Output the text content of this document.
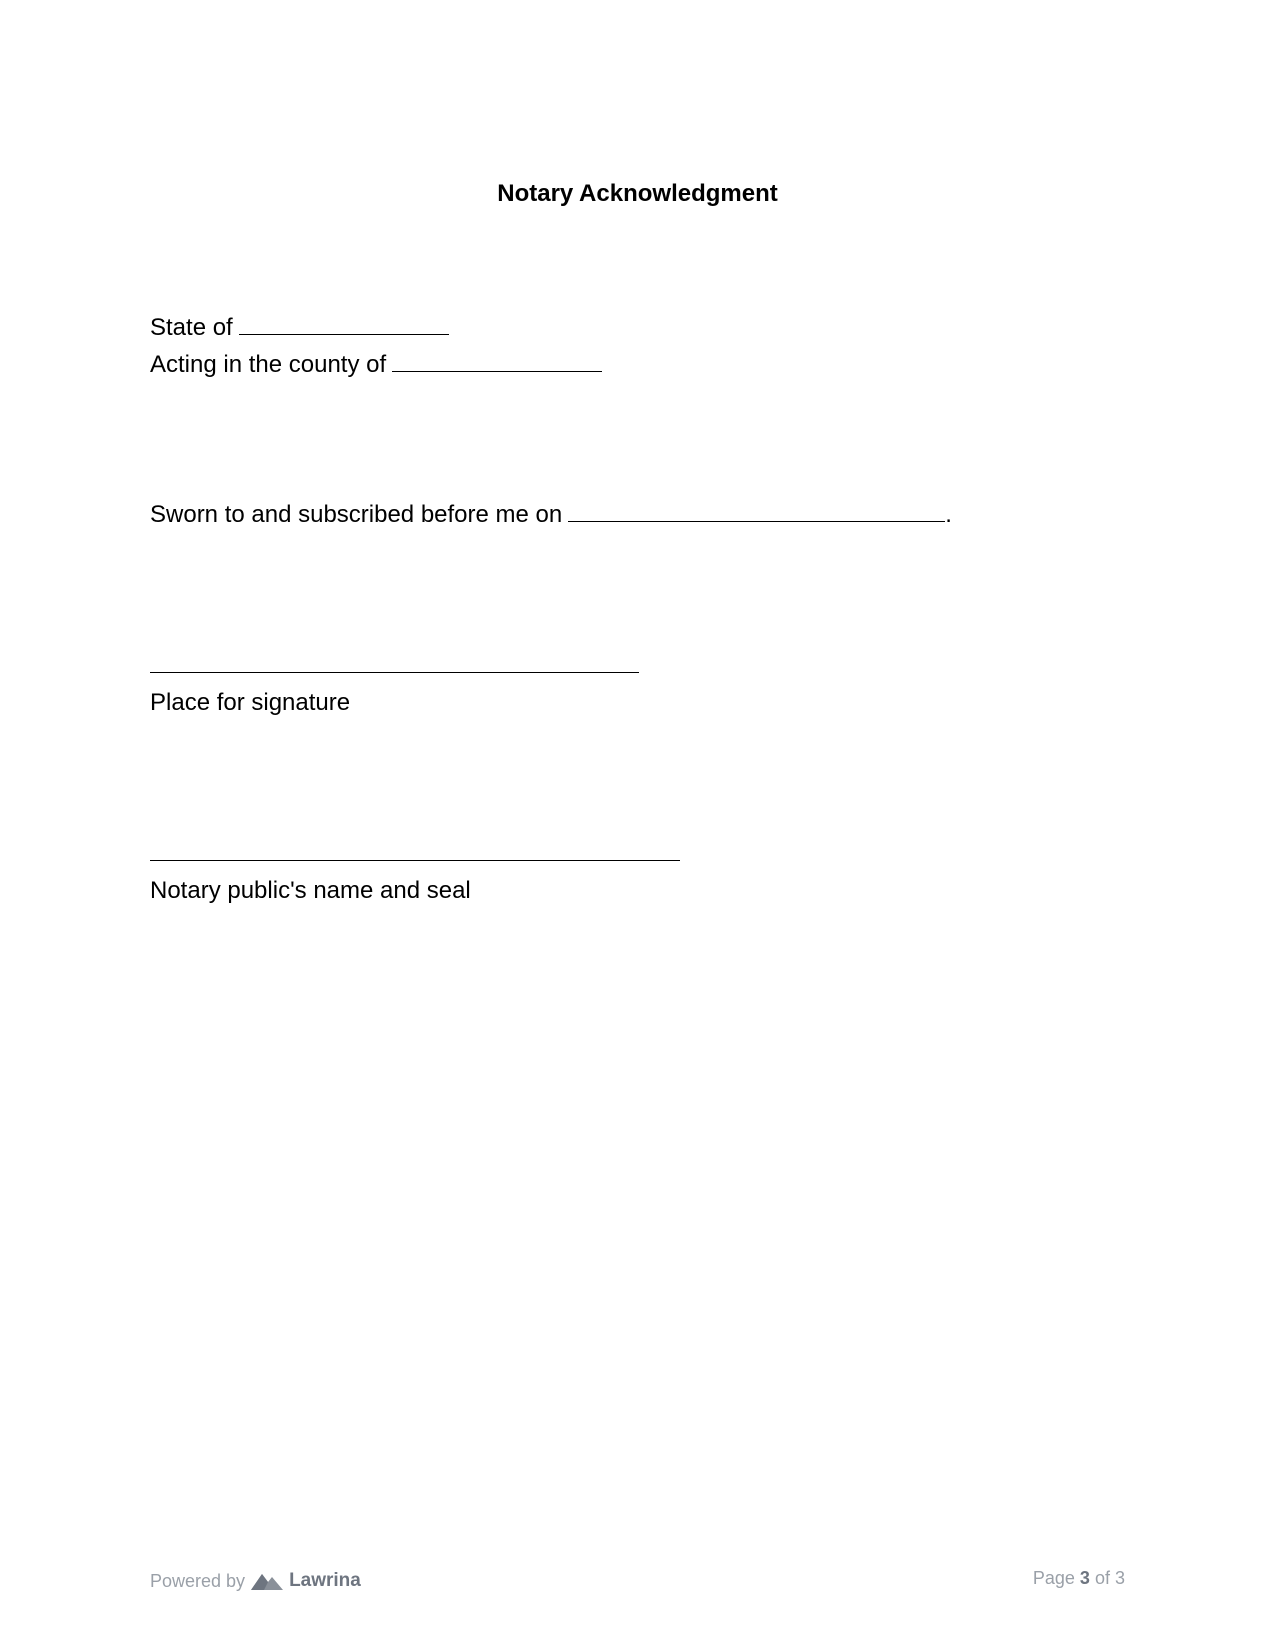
Notary Acknowledgment

State of

Acting in the county of

Sworn to and subscribed before me on	.

Place for signature

Notary public's name and seal

Powered by Lawrina	Page 3 of 3
